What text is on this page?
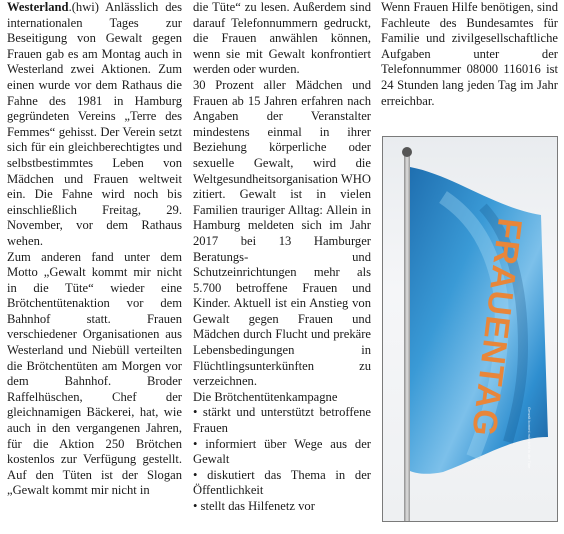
Westerland.(hwi) Anlässlich des internationalen Tages zur Beseitigung von Gewalt gegen Frauen gab es am Montag auch in Westerland zwei Aktionen. Zum einen wurde vor dem Rathaus die Fahne des 1981 in Hamburg gegründeten Vereins „Terre des Femmes“ gehisst. Der Verein setzt sich für ein gleichberechtigtes und selbstbestimmtes Leben von Mädchen und Frauen weltweit ein. Die Fahne wird noch bis einschließlich Freitag, 29. November, vor dem Rathaus wehen.

Zum anderen fand unter dem Motto „Gewalt kommt mir nicht in die Tüte“ wieder eine Brötchentütenaktion vor dem Bahnhof statt. Frauen verschiedener Organisationen aus Westerland und Niebüll verteilten die Brötchentüten am Morgen vor dem Bahnhof. Broder Raffelhüschen, Chef der gleichnamigen Bäckerei, hat, wie auch in den vergangenen Jahren, für die Aktion 250 Brötchen kostenlos zur Verfügung gestellt. Auf den Tüten ist der Slogan „Gewalt kommt mir nicht in

die Tüte“ zu lesen. Außerdem sind darauf Telefonnummern gedruckt, die Frauen anwählen können, wenn sie mit Gewalt konfrontiert werden oder wurden.

30 Prozent aller Mädchen und Frauen ab 15 Jahren erfahren nach Angaben der Veranstalter mindestens einmal in ihrer Beziehung körperliche oder sexuelle Gewalt, wird die Weltgesundheitsorganisation WHO zitiert. Gewalt ist in vielen Familien trauriger Alltag: Allein in Hamburg meldeten sich im Jahr 2017 bei 13 Hamburger Beratungs- und Schutzeinrichtungen mehr als 5.700 betroffene Frauen und Kinder. Aktuell ist ein Anstieg von Gewalt gegen Frauen und Mädchen durch Flucht und prekäre Lebensbedingungen in Flüchtlingsunterkünften zu verzeichnen.

Die Brötchentütenkampagne

• stärkt und unterstützt betroffene Frauen

• informiert über Wege aus der Gewalt

• diskutiert das Thema in der Öffentlichkeit

• stellt das Hilfenetz vor

Wenn Frauen Hilfe benötigen, sind Fachleute des Bundesamtes für Familie und zivilgesellschaftliche Aufgaben unter der Telefonnummer 08000 116016 ist 24 Stunden lang jeden Tag im Jahr erreichbar.

FRAUENTAG
Gewalt kommt mir nicht in die Tüte
